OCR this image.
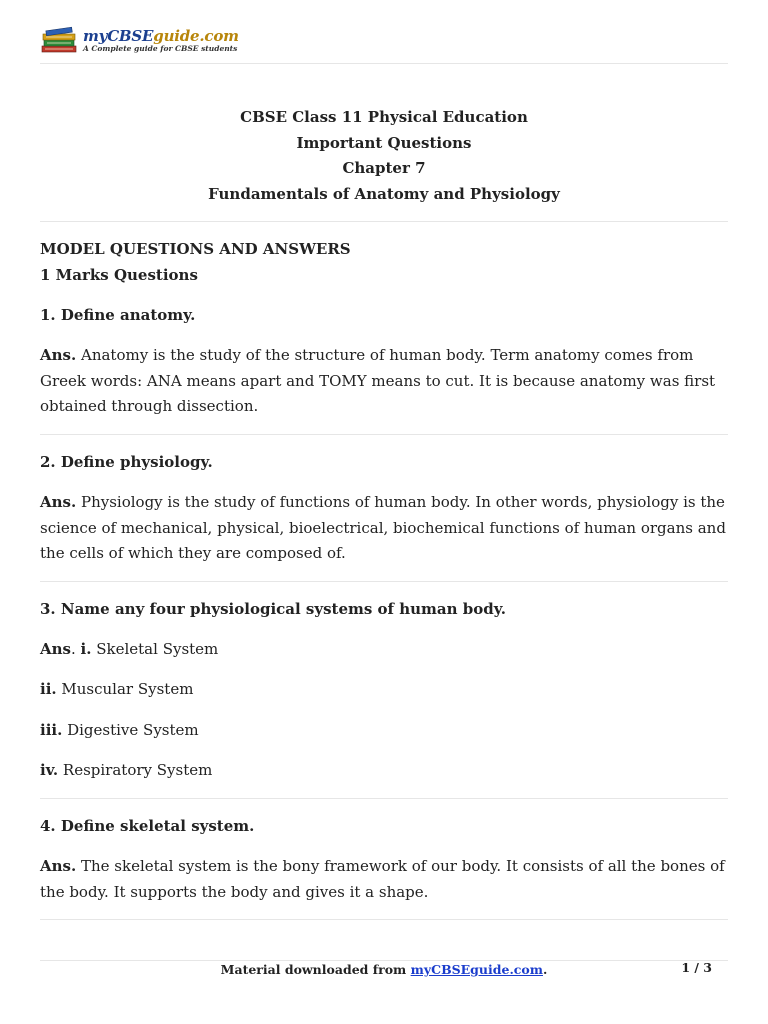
myCBSEguide.com
A Complete guide for CBSE students
CBSE Class 11 Physical Education
Important Questions
Chapter 7
Fundamentals of Anatomy and Physiology
MODEL QUESTIONS AND ANSWERS
1 Marks Questions
1. Define anatomy.
Ans. Anatomy is the study of the structure of human body. Term anatomy comes from Greek words: ANA means apart and TOMY means to cut. It is because anatomy was first obtained through dissection.
2. Define physiology.
Ans. Physiology is the study of functions of human body. In other words, physiology is the science of mechanical, physical, bioelectrical, biochemical functions of human organs and the cells of which they are composed of.
3. Name any four physiological systems of human body.
Ans. i. Skeletal System
ii. Muscular System
iii. Digestive System
iv. Respiratory System
4. Define skeletal system.
Ans. The skeletal system is the bony framework of our body. It consists of all the bones of the body. It supports the body and gives it a shape.
Material downloaded from myCBSEguide.com.	1 / 3
